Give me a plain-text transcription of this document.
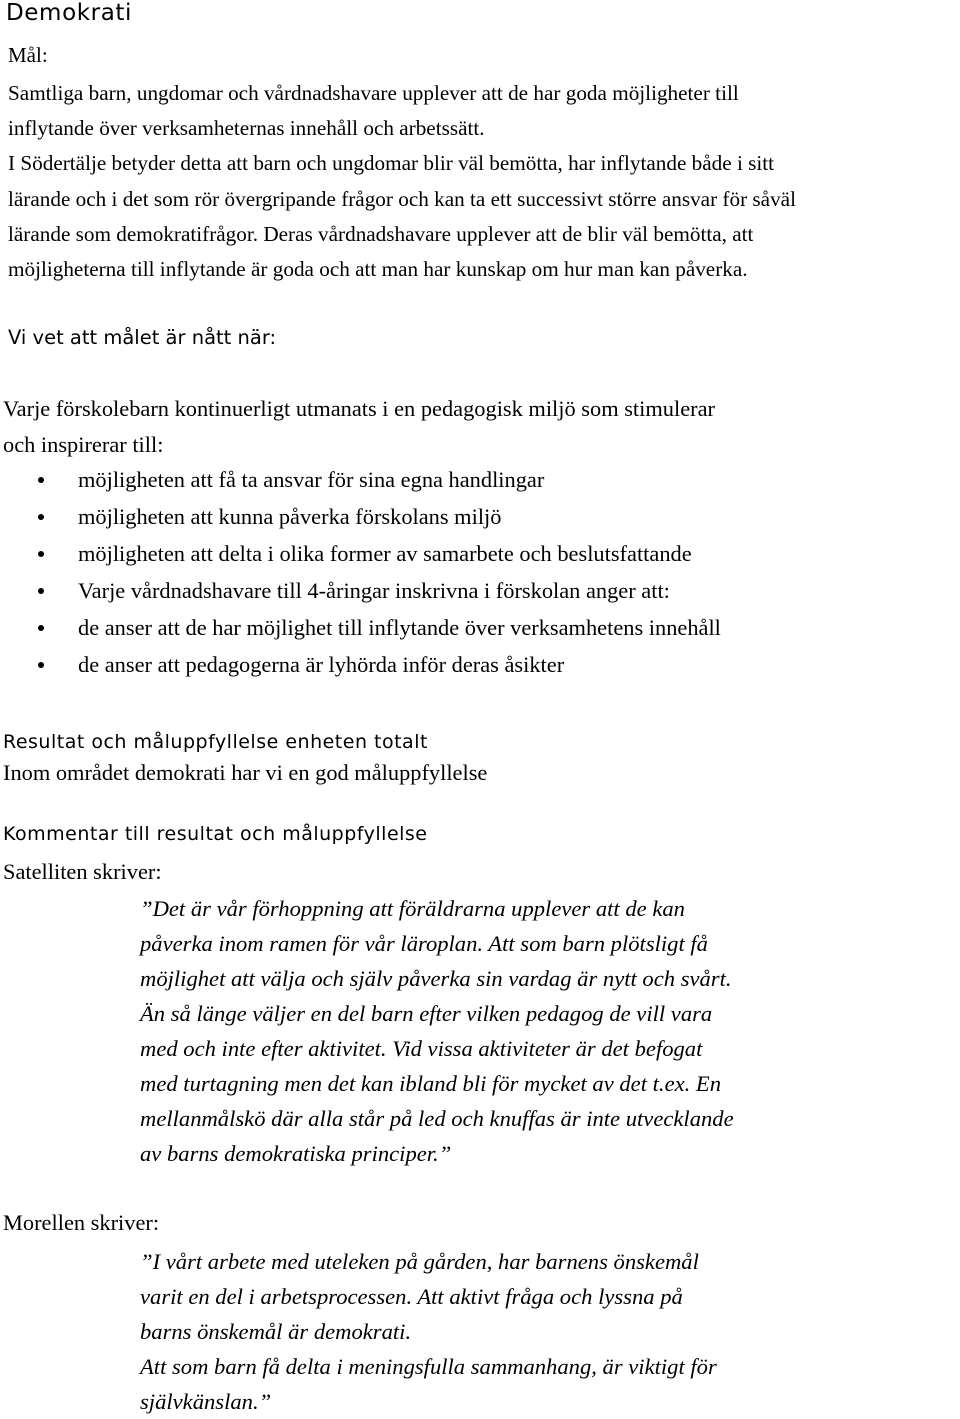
Demokrati
Mål:
Samtliga barn, ungdomar och vårdnadshavare upplever att de har goda möjligheter till
inflytande över verksamheternas innehåll och arbetssätt.
I Södertälje betyder detta att barn och ungdomar blir väl bemötta, har inflytande både i sitt
lärande och i det som rör övergripande frågor och kan ta ett successivt större ansvar för såväl
lärande som demokratifrågor. Deras vårdnadshavare upplever att de blir väl bemötta, att
möjligheterna till inflytande är goda och att man har kunskap om hur man kan påverka.
Vi vet att målet är nått när:
Varje förskolebarn kontinuerligt utmanats i en pedagogisk miljö som stimulerar
och inspirerar till:
möjligheten att få ta ansvar för sina egna handlingar
möjligheten att kunna påverka förskolans miljö
möjligheten att delta i olika former av samarbete och beslutsfattande
Varje vårdnadshavare till 4-åringar inskrivna i förskolan anger att:
de anser att de har möjlighet till inflytande över verksamhetens innehåll
de anser att pedagogerna är lyhörda inför deras åsikter
Resultat och måluppfyllelse enheten totalt
Inom området demokrati har vi en god måluppfyllelse
Kommentar till resultat och måluppfyllelse
Satelliten skriver:
”Det är vår förhoppning att föräldrarna upplever att de kan
påverka inom ramen för vår läroplan. Att som barn plötsligt få
möjlighet att välja och själv påverka sin vardag är nytt och svårt.
Än så länge väljer en del barn efter vilken pedagog de vill vara
med och inte efter aktivitet. Vid vissa aktiviteter är det befogat
med turtagning men det kan ibland bli för mycket av det t.ex. En
mellanmålskö där alla står på led och knuffas är inte utvecklande
av barns demokratiska principer.”
Morellen skriver:
”I vårt arbete med uteleken på gården, har barnens önskemål
varit en del i arbetsprocessen. Att aktivt fråga och lyssna på
barns önskemål är demokrati.
Att som barn få delta i meningsfulla sammanhang, är viktigt för
självkänslan.”
